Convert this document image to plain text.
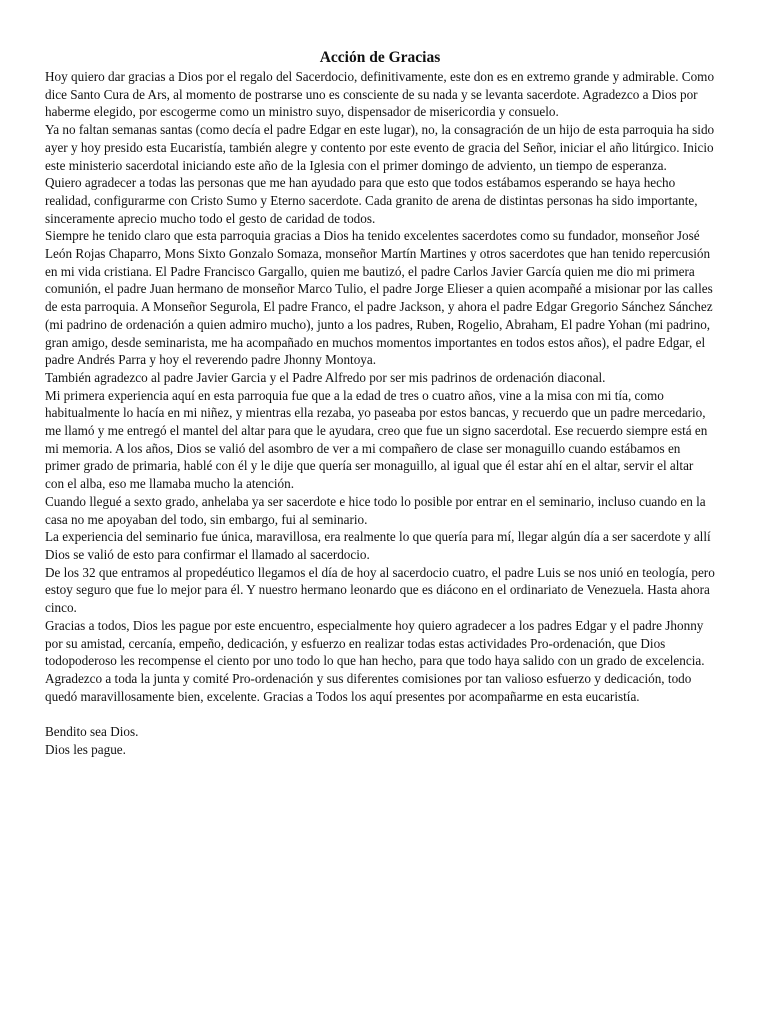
Acción de Gracias

Hoy quiero dar gracias a Dios por el regalo del Sacerdocio, definitivamente, este don es en extremo grande y admirable. Como dice Santo Cura de Ars, al momento de postrarse uno es consciente de su nada y se levanta sacerdote. Agradezco a Dios por haberme elegido, por escogerme como un ministro suyo, dispensador de misericordia y consuelo.

Ya no faltan semanas santas (como decía el padre Edgar en este lugar), no, la consagración de un hijo de esta parroquia ha sido ayer y hoy presido esta Eucaristía, también alegre y contento por este evento de gracia del Señor, iniciar el año litúrgico. Inicio este ministerio sacerdotal iniciando este año de la Iglesia con el primer domingo de adviento, un tiempo de esperanza.

Quiero agradecer a todas las personas que me han ayudado para que esto que todos estábamos esperando se haya hecho realidad, configurarme con Cristo Sumo y Eterno sacerdote. Cada granito de arena de distintas personas ha sido importante, sinceramente aprecio mucho todo el gesto de caridad de todos.

Siempre he tenido claro que esta parroquia gracias a Dios ha tenido excelentes sacerdotes como su fundador, monseñor José León Rojas Chaparro, Mons Sixto Gonzalo Somaza, monseñor Martín Martines y otros sacerdotes que han tenido repercusión en mi vida cristiana. El Padre Francisco Gargallo, quien me bautizó, el padre Carlos Javier García quien me dio mi primera comunión, el padre Juan hermano de monseñor Marco Tulio, el padre Jorge Elieser a quien acompañé a misionar por las calles de esta parroquia. A Monseñor Segurola, El padre Franco, el padre Jackson, y ahora el padre Edgar Gregorio Sánchez Sánchez (mi padrino de ordenación a quien admiro mucho), junto a los padres, Ruben, Rogelio, Abraham, El padre Yohan (mi padrino, gran amigo, desde seminarista, me ha acompañado en muchos momentos importantes en todos estos años), el padre Edgar, el padre Andrés Parra y hoy el reverendo padre Jhonny Montoya.

También agradezco al padre Javier Garcia y el Padre Alfredo por ser mis padrinos de ordenación diaconal.

Mi primera experiencia aquí en esta parroquia fue que a la edad de tres o cuatro años, vine a la misa con mi tía, como habitualmente lo hacía en mi niñez, y mientras ella rezaba, yo paseaba por estos bancas, y recuerdo que un padre mercedario, me llamó y me entregó el mantel del altar para que le ayudara, creo que fue un signo sacerdotal. Ese recuerdo siempre está en mi memoria. A los años, Dios se valió del asombro de ver a mi compañero de clase ser monaguillo cuando estábamos en primer grado de primaria, hablé con él y le dije que quería ser monaguillo, al igual que él estar ahí en el altar, servir el altar con el alba, eso me llamaba mucho la atención.

Cuando llegué a sexto grado, anhelaba ya ser sacerdote e hice todo lo posible por entrar en el seminario, incluso cuando en la casa no me apoyaban del todo, sin embargo, fui al seminario.

La experiencia del seminario fue única, maravillosa, era realmente lo que quería para mí, llegar algún día a ser sacerdote y allí Dios se valió de esto para confirmar el llamado al sacerdocio.

De los 32 que entramos al propedéutico llegamos el día de hoy al sacerdocio cuatro, el padre Luis se nos unió en teología, pero estoy seguro que fue lo mejor para él. Y nuestro hermano leonardo que es diácono en el ordinariato de Venezuela. Hasta ahora cinco.

Gracias a todos, Dios les pague por este encuentro, especialmente hoy quiero agradecer a los padres Edgar y el padre Jhonny por su amistad, cercanía, empeño, dedicación, y esfuerzo en realizar todas estas actividades Pro-ordenación, que Dios todopoderoso les recompense el ciento por uno todo lo que han hecho, para que todo haya salido con un grado de excelencia. Agradezco a toda la junta y comité Pro-ordenación y sus diferentes comisiones por tan valioso esfuerzo y dedicación, todo quedó maravillosamente bien, excelente. Gracias a Todos los aquí presentes por acompañarme en esta eucaristía.

Bendito sea Dios.

Dios les pague.
